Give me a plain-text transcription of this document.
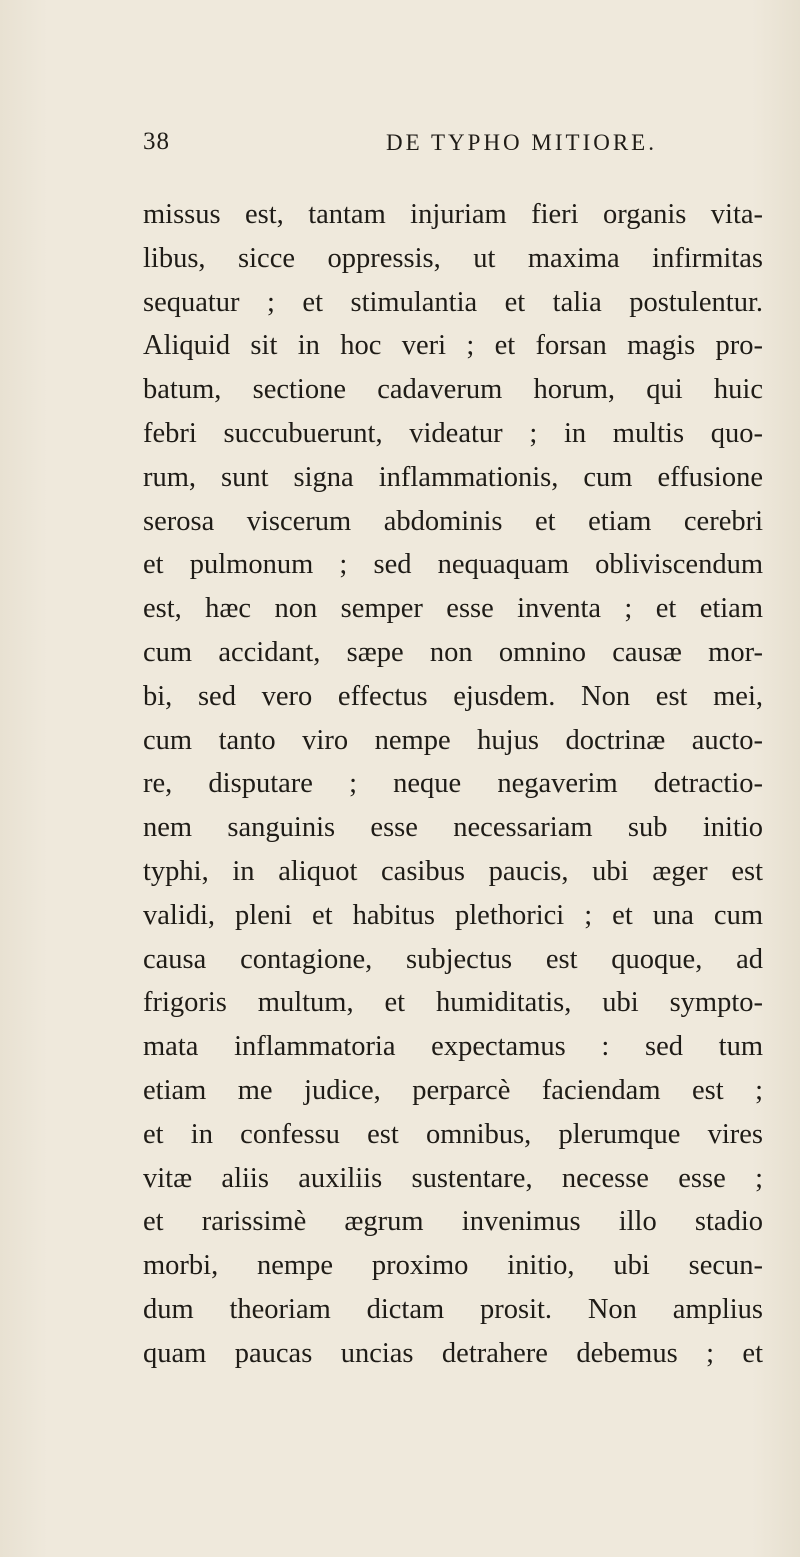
38	DE TYPHO MITIORE.
missus est, tantam injuriam fieri organis vita-
libus, sicce oppressis, ut maxima infirmitas
sequatur ; et stimulantia et talia postulentur.
Aliquid sit in hoc veri ; et forsan magis pro-
batum, sectione cadaverum horum, qui huic
febri succubuerunt, videatur ; in multis quo-
rum, sunt signa inflammationis, cum effusione
serosa viscerum abdominis et etiam cerebri
et pulmonum ; sed nequaquam obliviscendum
est, hæc non semper esse inventa ; et etiam
cum accidant, sæpe non omnino causæ mor-
bi, sed vero effectus ejusdem. Non est mei,
cum tanto viro nempe hujus doctrinæ aucto-
re, disputare ; neque negaverim detractio-
nem sanguinis esse necessariam sub initio
typhi, in aliquot casibus paucis, ubi æger est
validi, pleni et habitus plethorici ; et una cum
causa contagione, subjectus est quoque, ad
frigoris multum, et humiditatis, ubi sympto-
mata inflammatoria expectamus : sed tum
etiam me judice, perparcè faciendam est ;
et in confessu est omnibus, plerumque vires
vitæ aliis auxiliis sustentare, necesse esse ;
et rarissimè ægrum invenimus illo stadio
morbi, nempe proximo initio, ubi secun-
dum theoriam dictam prosit. Non amplius
quam paucas uncias detrahere debemus ; et
